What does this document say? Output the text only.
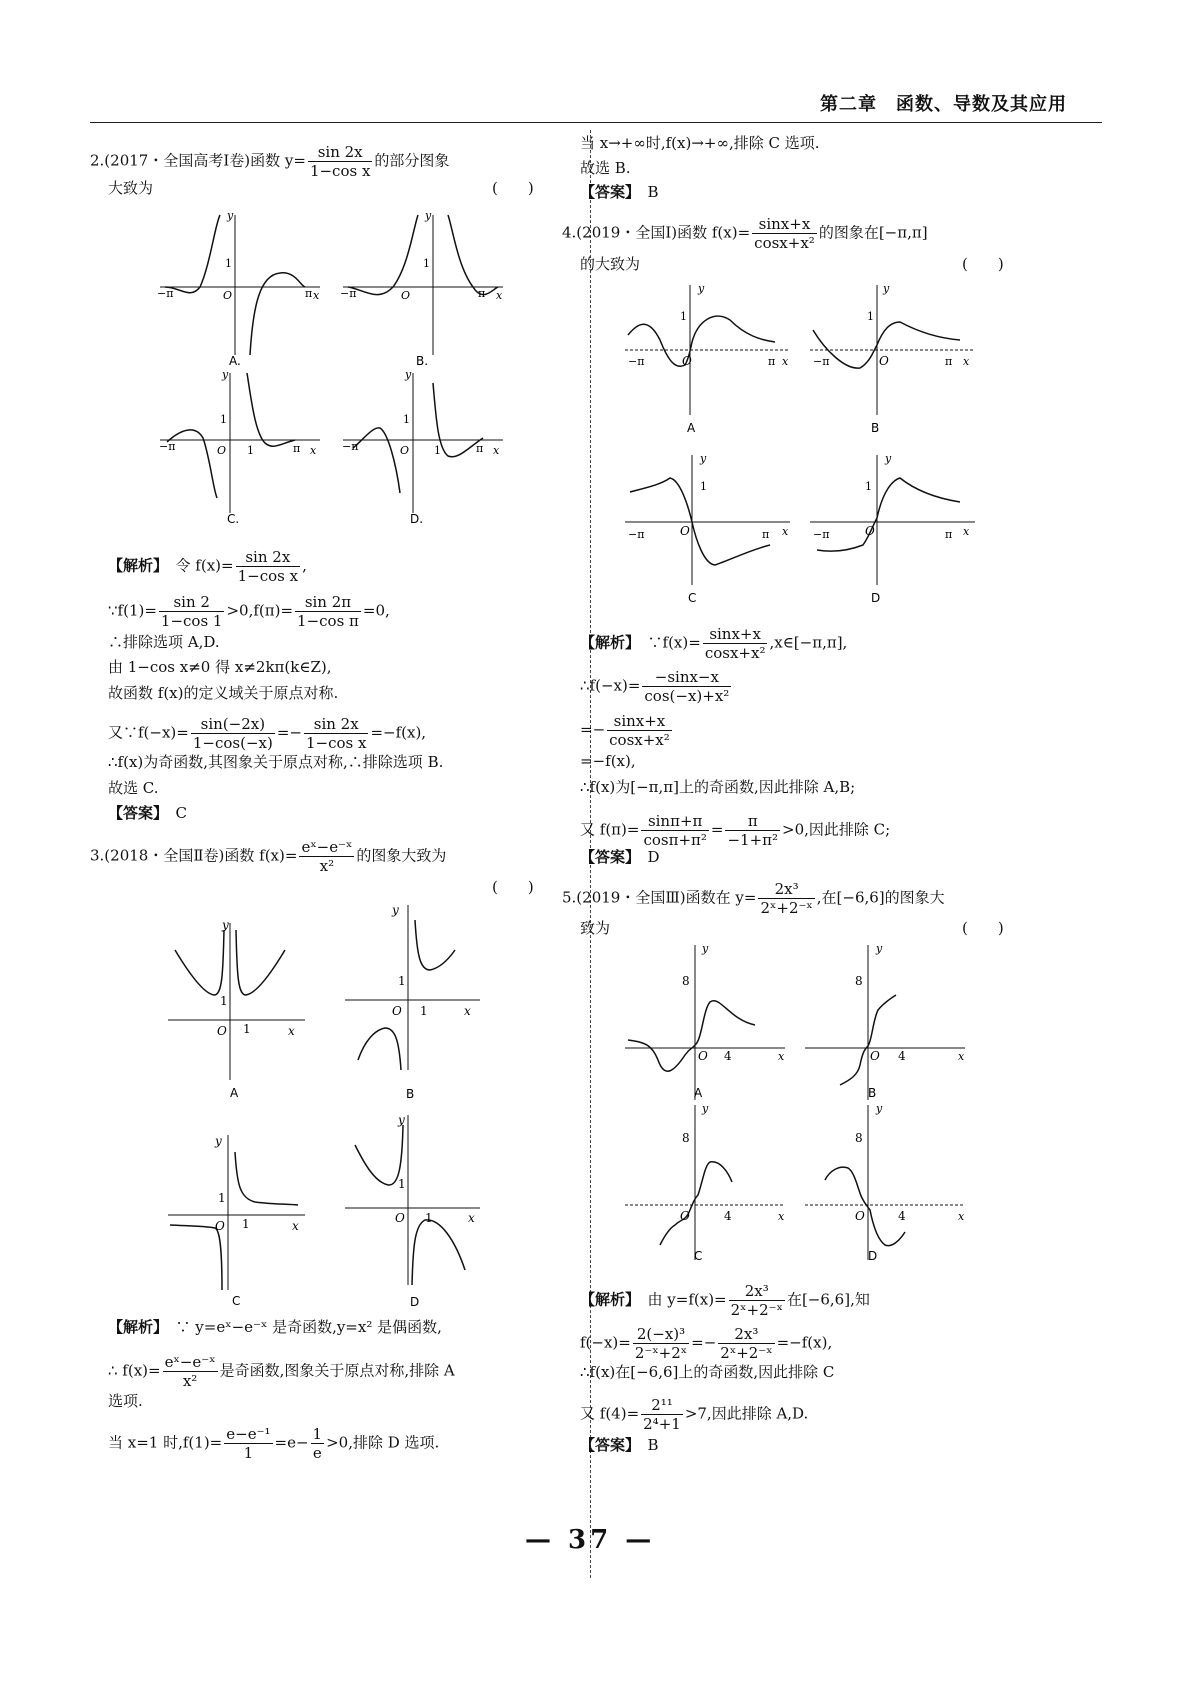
第二章　函数、导数及其应用
2.(2017・全国高考Ⅰ卷)函数 $y= \frac{\sin 2x}{\text{1−cos x}}$ 的部分图象
大致为	(　　)
−π	π
O
1
x
y
A.
−π	π
O
1
x
y
B.
−π	π
O 1
1
x
y
C.
−π	π
O 1
1
x
y
D.
【解析】　 令 $f(x)= \frac{\sin 2x}{\text{1−cos x}}$ ,
∵f(1)= $\frac{\sin 2}{1-\cos 1} >0,f(\pi)= \frac{\sin 2\pi}{\text{1−cos π}} =0$,
∴排除选项 A,D.
由 1−cos x≠0 得 x≠2kπ(k∈Z),
故函数 f(x)的定义域关于原点对称.
又∵f(−x)= $\frac{\sin(-2x)}{1-\cos(-x)} =- \frac{\sin 2x}{\text{1−cos x}} =-f(x)$,
∴f(x)为奇函数,其图象关于原点对称,∴排除选项 B.
故选 C.
【答案】　 C
3.(2018・全国Ⅱ卷)函数 $f(x)= \frac{\text{eˣ−e⁻ˣ}}{\text{x²}}$ 的图象大致为
(　　)
y
1
O 1	x
A
y
1
O 1	x
B
y
1
O 1	x
C
y
1
O 1	x
D
【解析】　 ∵ y=eˣ−e⁻ˣ 是奇函数,y=x² 是偶函数,
∴ $f(x)= \frac{\text{eˣ−e⁻ˣ}}{\text{x²}}$ 是奇函数,图象关于原点对称,排除 A
选项.
当 x=1 时$,f(1)= \frac{\text{e−e⁻¹}}{1} =e- \frac{1}{e} >0$,排除 D 选项.
当 x→+∞时,f(x)→+∞,排除 C 选项.
故选 B.
【答案】　 B
4.(2019・全国Ⅰ)函数 $f(x)= \frac{\sin x+x}{\text{cosx+x²}}$ 的图象在[−π,π]
的大致为	(　　)
−π	π
O
1
x
y
A
−π	π
O
1
x
y
B
−π	π
O
1
x
y
C
−π	π
O
1
x
y
D
【解析】　 ∵f(x)= $\frac{\sin x+x}{\text{cosx+x²}}$ ,x∈[−π,π],
∴f(−x)= $\frac{-\sin x-x}{\text{cos(−x)+x²}}$
=− $\frac{\sin x+x}{\text{cosx+x²}}$
=−f(x),
∴f(x)为[−π,π]上的奇函数,因此排除 A,B;
又 $f(\pi)= \frac{\sin\pi+\pi}{\text{cosπ+π²}} = \frac{\pi}{\text{−1+π²}} >0$,因此排除 C;
【答案】　 D
5.(2019・全国Ⅲ)函数在 $y= \frac{\text{2x³}}{\text{2ˣ+2⁻ˣ}}$ ,在[−6,6]的图象大
致为	(　　)
8
O 4	x
y
A
8
O 4	x
y
B
8
O	4	x
y
C
8
O	4	x
y
D
【解析】　 由 $y=f(x)= \frac{\text{2x³}}{\text{2ˣ+2⁻ˣ}}$ 在[−6,6],知
$f(-x)= \frac{\text{2(−x)³}}{\text{2⁻ˣ+2ˣ}} =- \frac{\text{2x³}}{\text{2ˣ+2⁻ˣ}} =-f(x)$,
∴f(x)在[−6,6]上的奇函数,因此排除 C
又 $f(4)= \frac{\text{2¹¹}}{\text{2⁴+1}} >7$,因此排除 A,D.
【答案】　 B
— 37 —
